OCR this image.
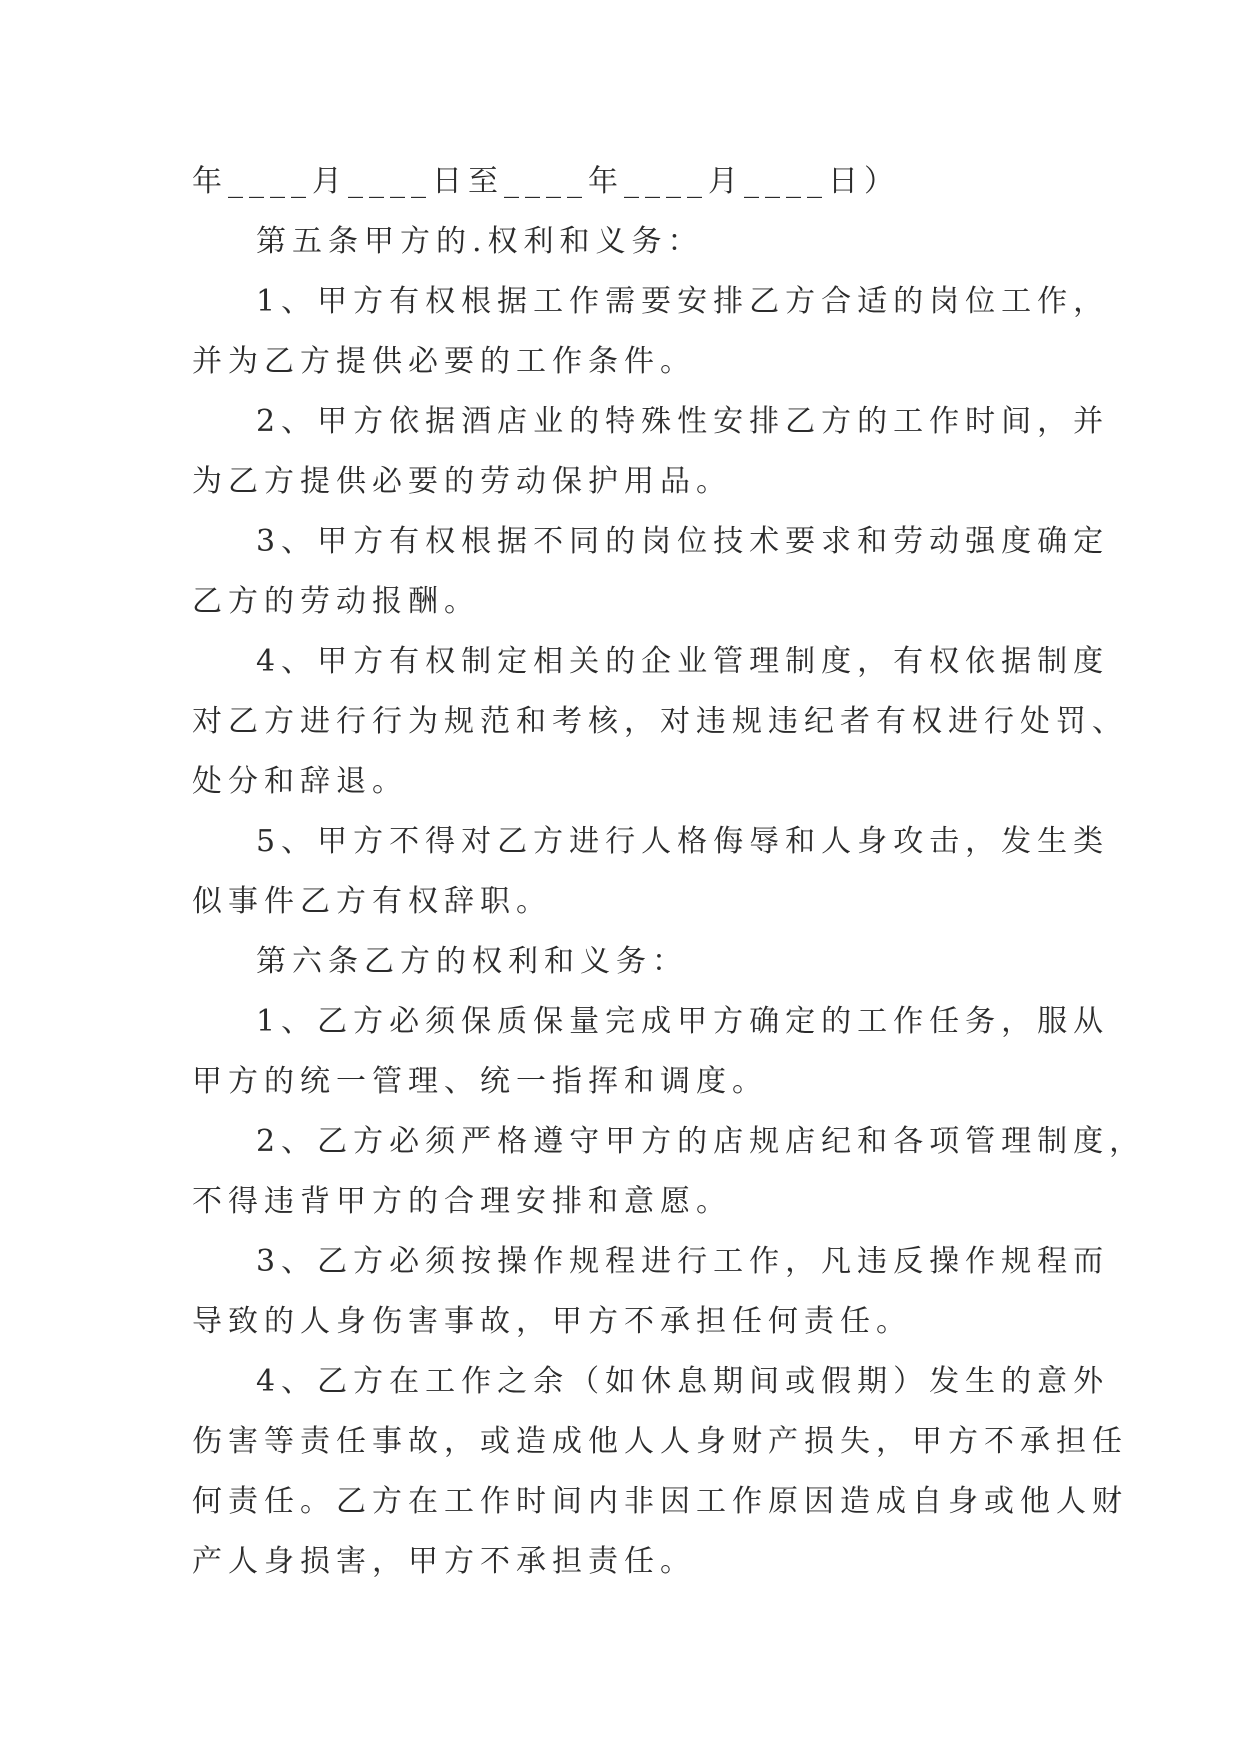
年____月____日至____年____月____日）
第五条甲方的.权利和义务：
1、甲方有权根据工作需要安排乙方合适的岗位工作，
并为乙方提供必要的工作条件。
2、甲方依据酒店业的特殊性安排乙方的工作时间，并
为乙方提供必要的劳动保护用品。
3、甲方有权根据不同的岗位技术要求和劳动强度确定
乙方的劳动报酬。
4、甲方有权制定相关的企业管理制度，有权依据制度
对乙方进行行为规范和考核，对违规违纪者有权进行处罚、
处分和辞退。
5、甲方不得对乙方进行人格侮辱和人身攻击，发生类
似事件乙方有权辞职。
第六条乙方的权利和义务：
1、乙方必须保质保量完成甲方确定的工作任务，服从
甲方的统一管理、统一指挥和调度。
2、乙方必须严格遵守甲方的店规店纪和各项管理制度，
不得违背甲方的合理安排和意愿。
3、乙方必须按操作规程进行工作，凡违反操作规程而
导致的人身伤害事故，甲方不承担任何责任。
4、乙方在工作之余（如休息期间或假期）发生的意外
伤害等责任事故，或造成他人人身财产损失，甲方不承担任
何责任。乙方在工作时间内非因工作原因造成自身或他人财
产人身损害，甲方不承担责任。
